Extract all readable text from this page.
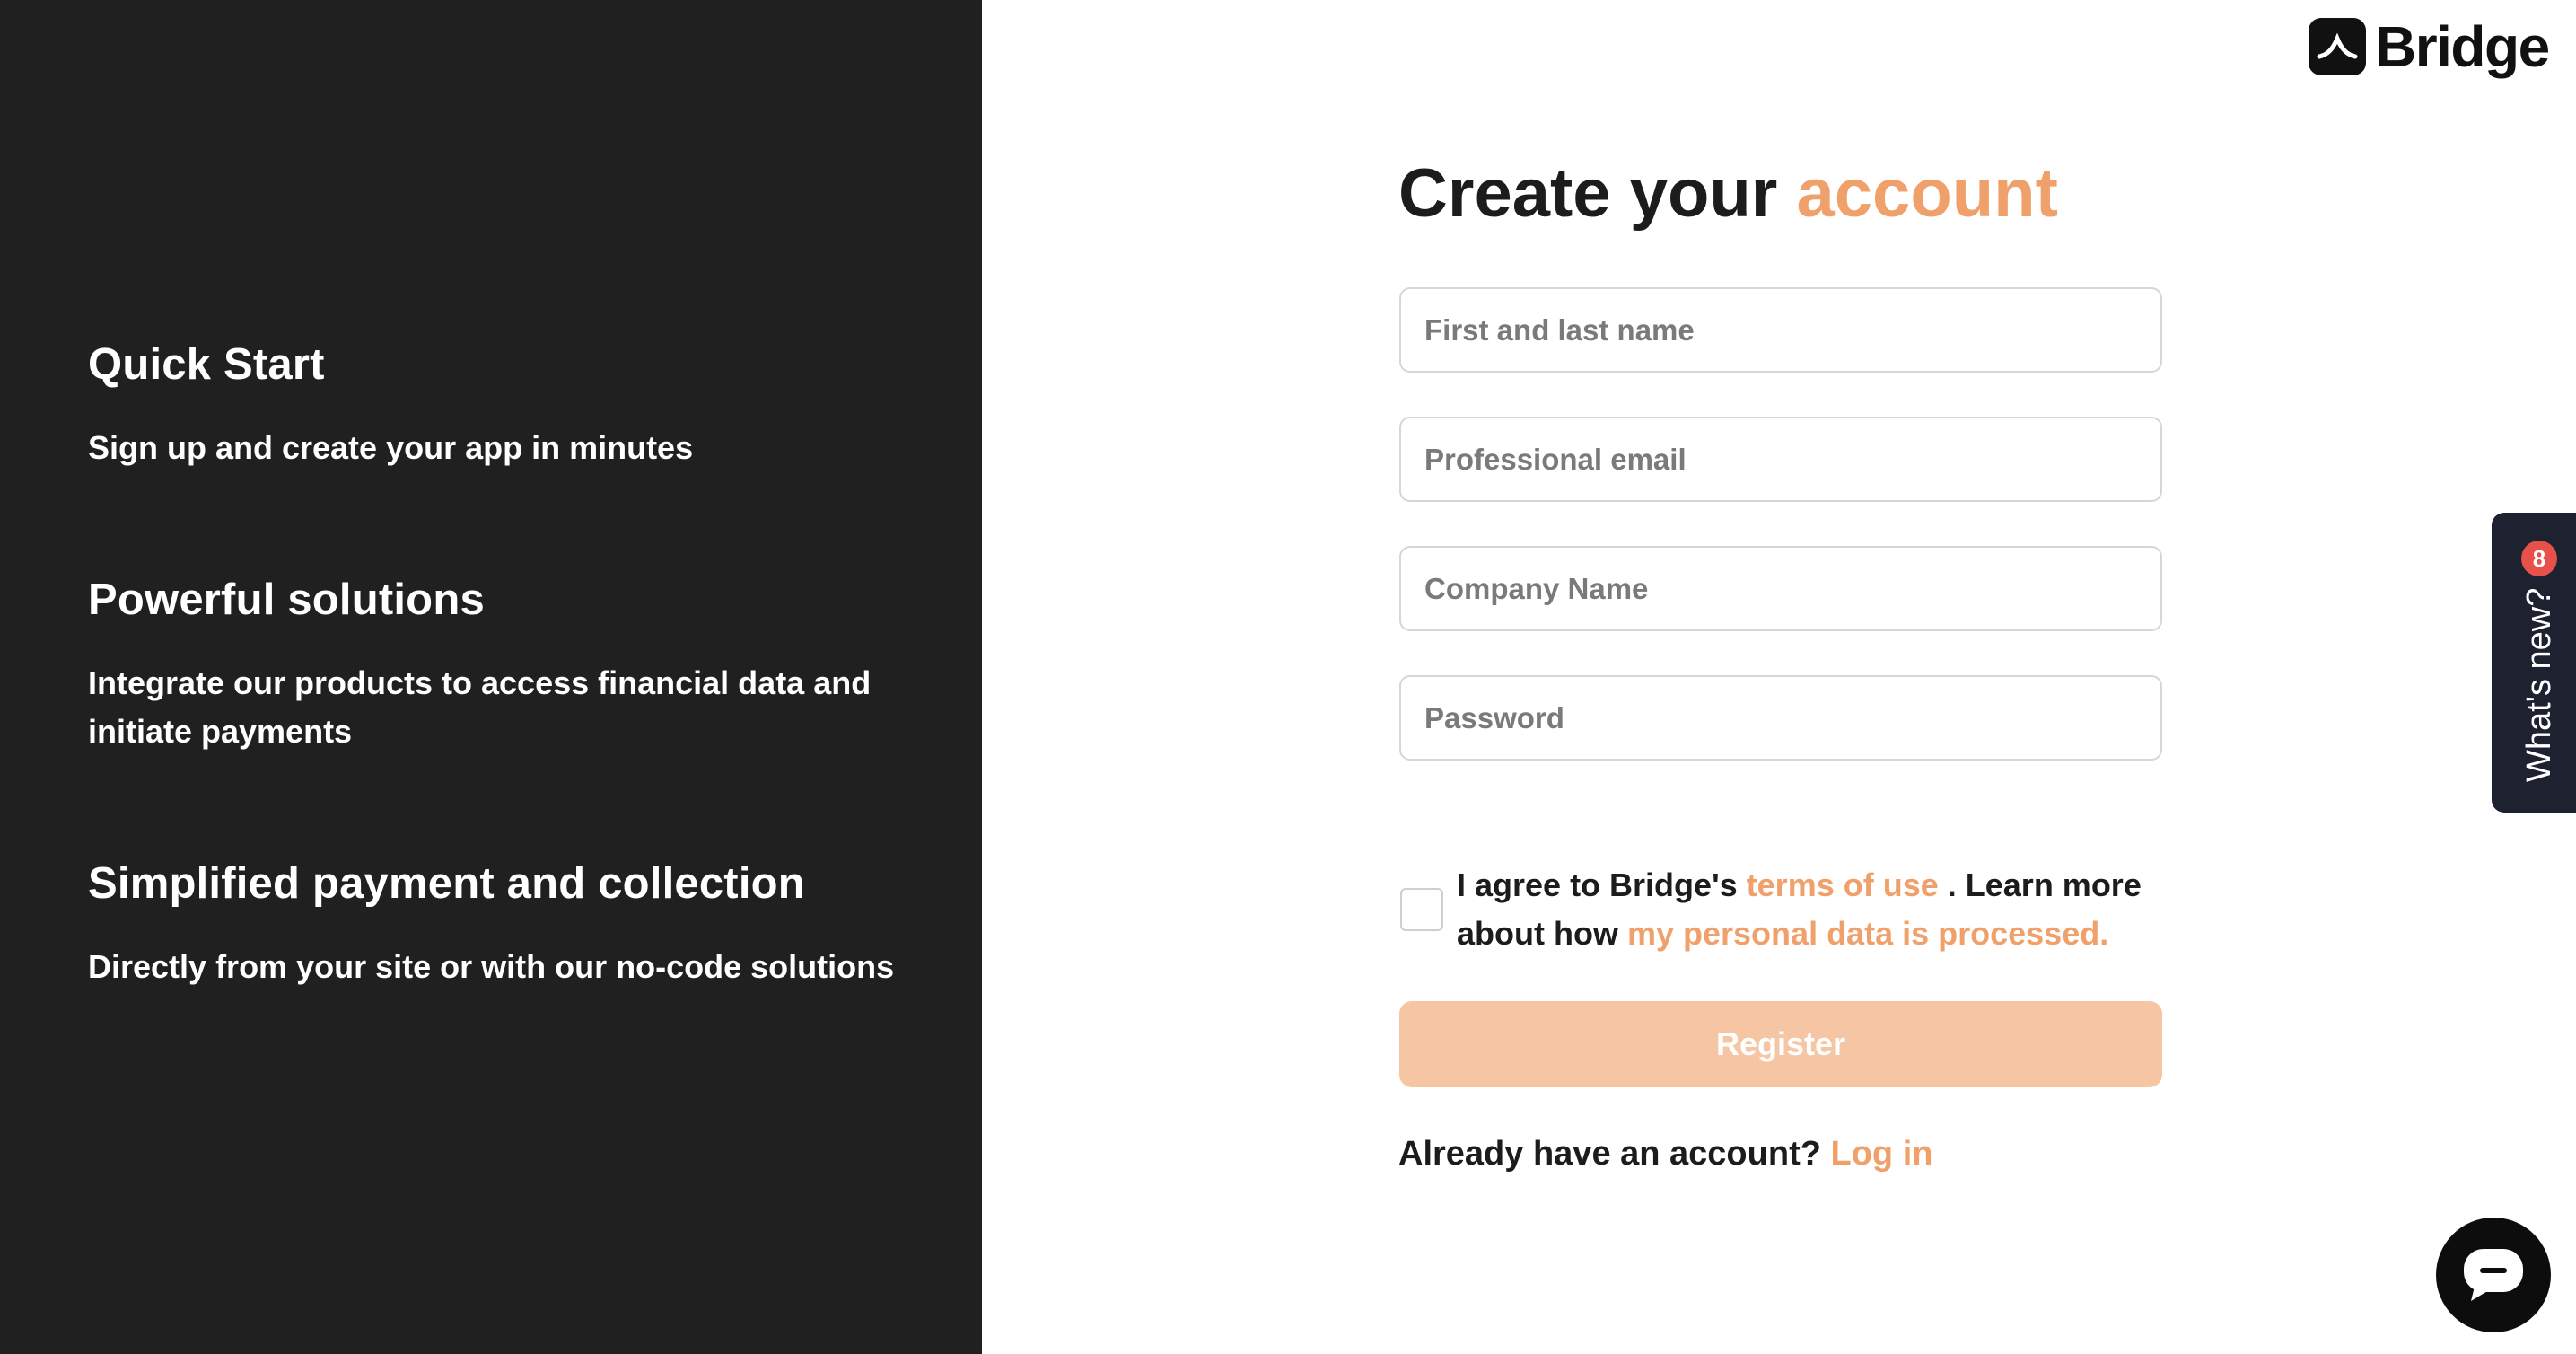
Quick Start

Sign up and create your app in minutes

Powerful solutions

Integrate our products to access financial data and initiate payments

Simplified payment and collection

Directly from your site or with our no-code solutions

Bridge
Create your account
First and last name
Professional email
Company Name

I agree to Bridge's terms of use . Learn more about how my personal data is processed.

Register

Already have an account? Log in

8
What's new?
